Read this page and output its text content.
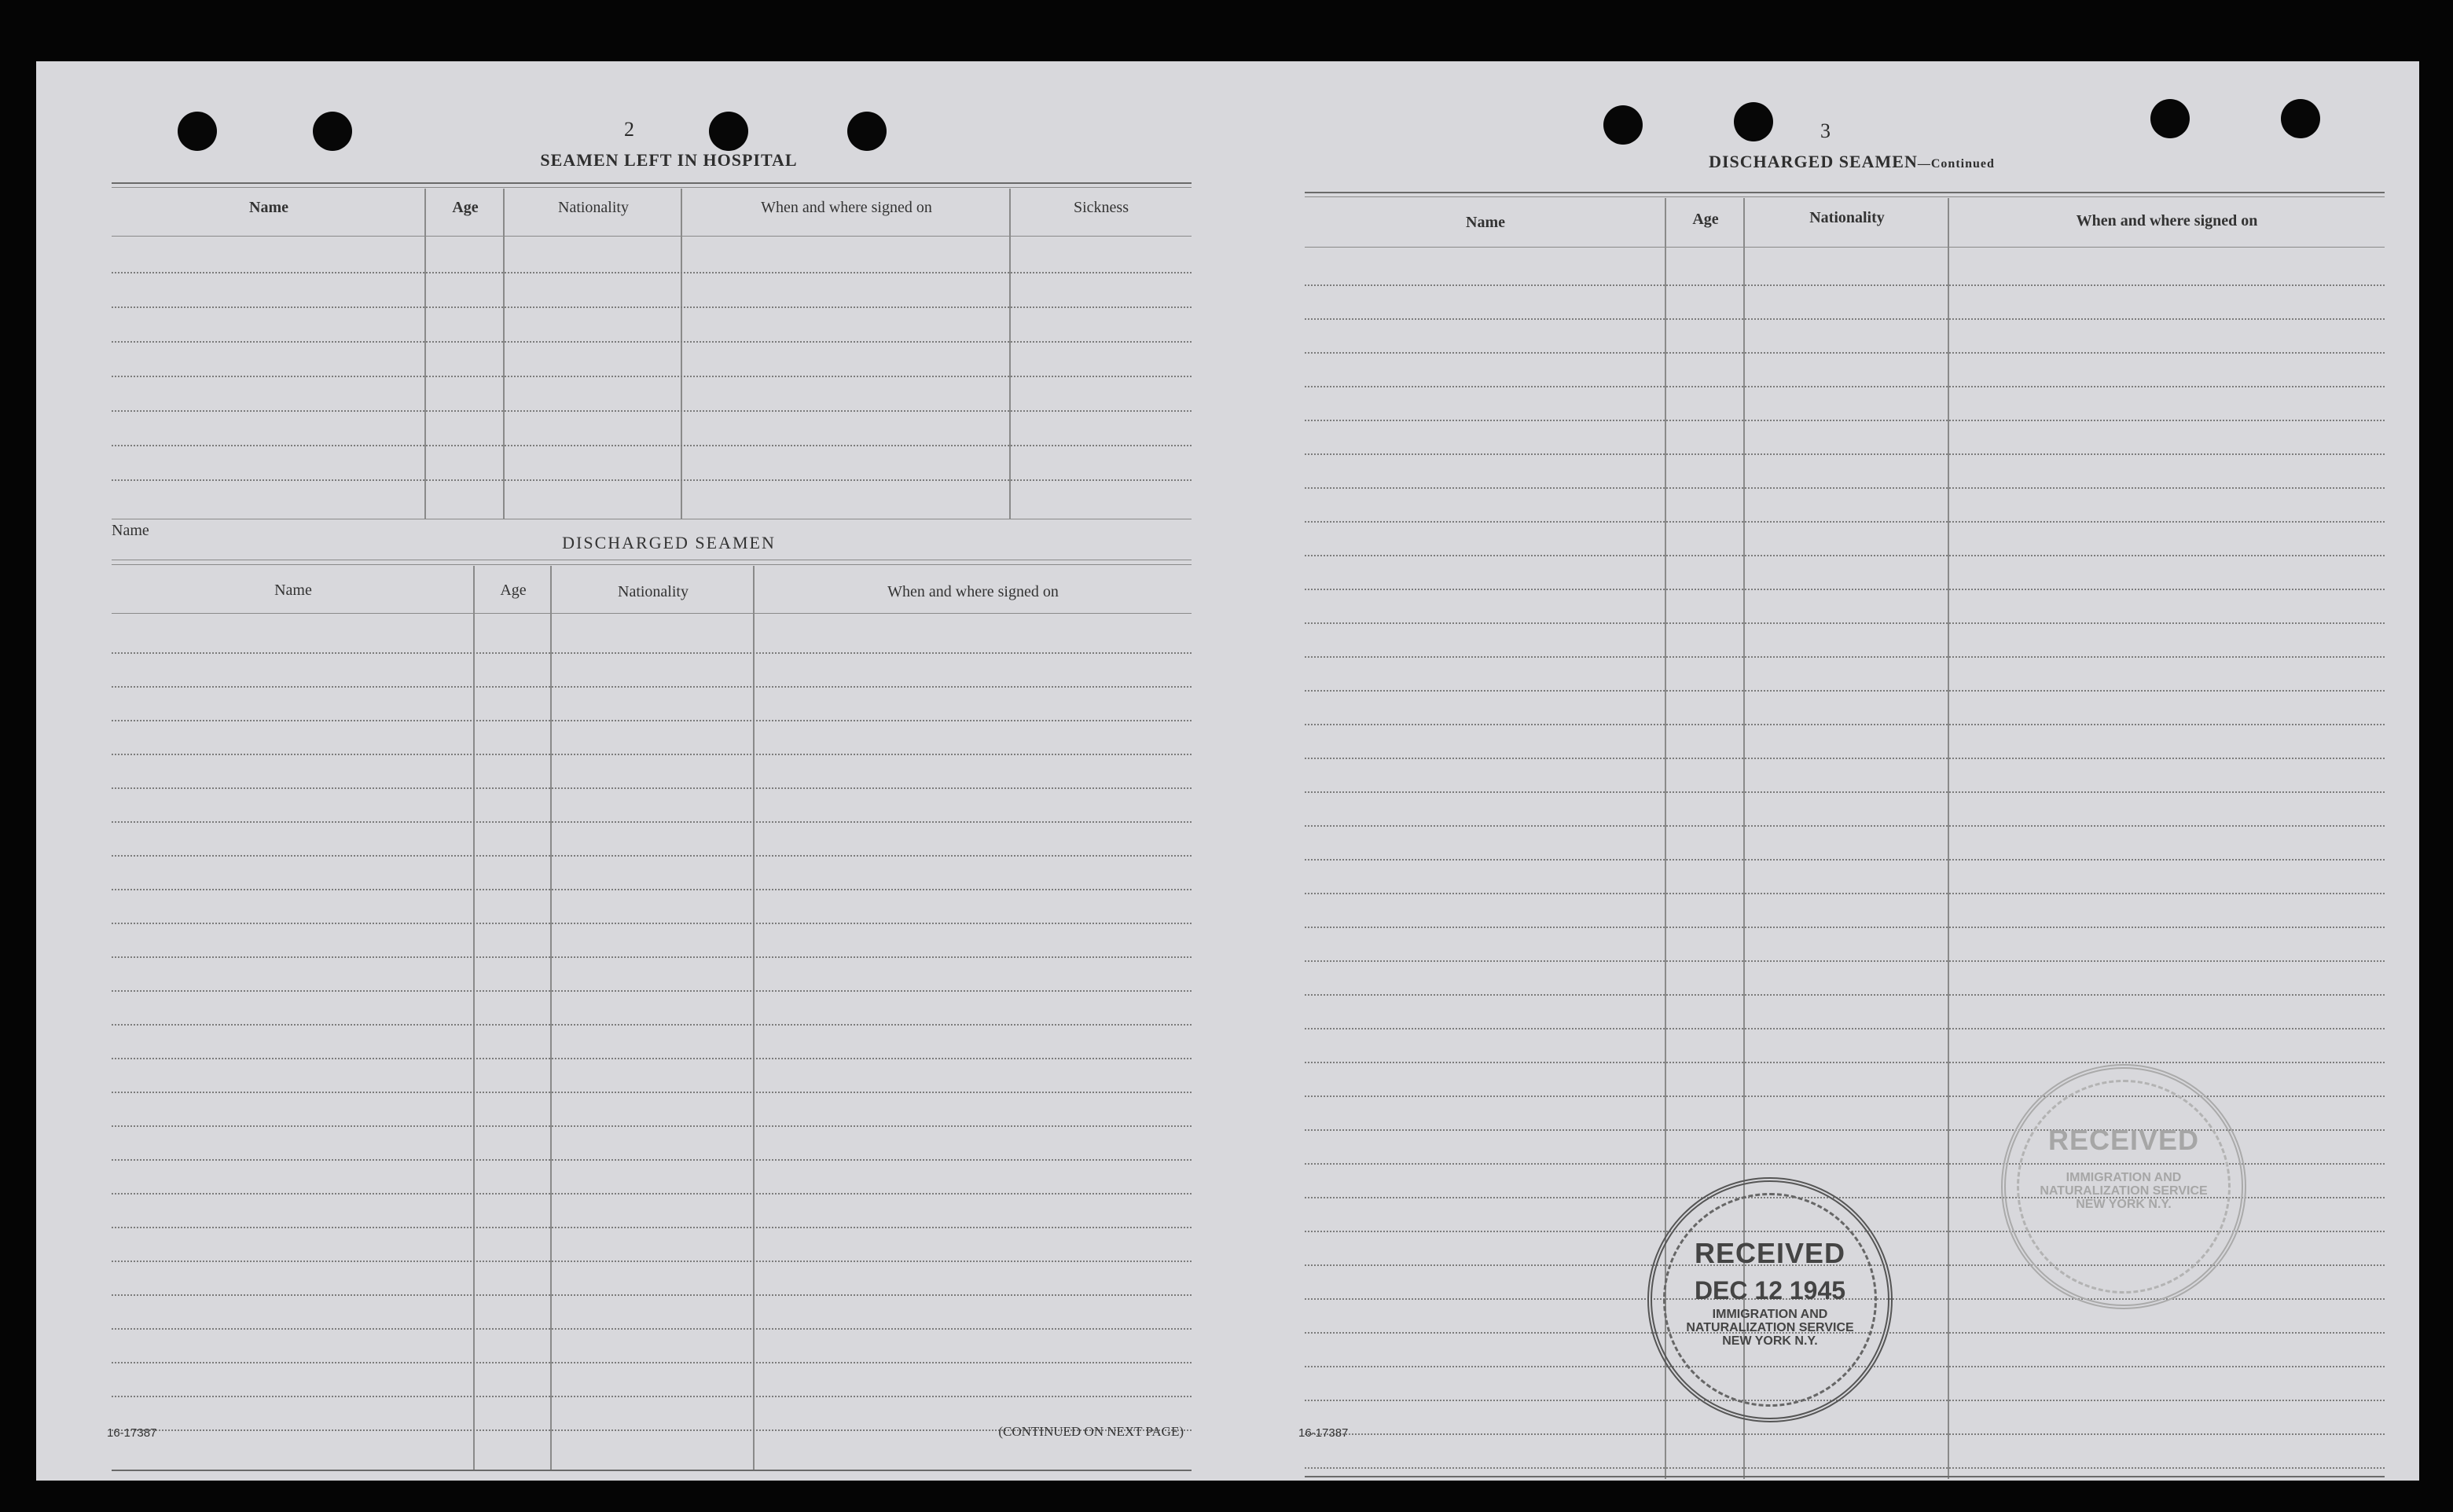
2
SEAMEN LEFT IN HOSPITAL
Name	Age	Nationality	When and where signed on	Sickness
DISCHARGED SEAMEN
Name
Name	Age	Nationality	When and where signed on
16-17387	(CONTINUED ON NEXT PAGE)
3
DISCHARGED SEAMEN—Continued
Name	Age	Nationality	When and where signed on
16-17387
RECEIVED
DEC 12 1945
IMMIGRATION AND NATURALIZATION SERVICE NEW YORK N.Y.
RECEIVED
IMMIGRATION AND NATURALIZATION SERVICE NEW YORK N.Y.
